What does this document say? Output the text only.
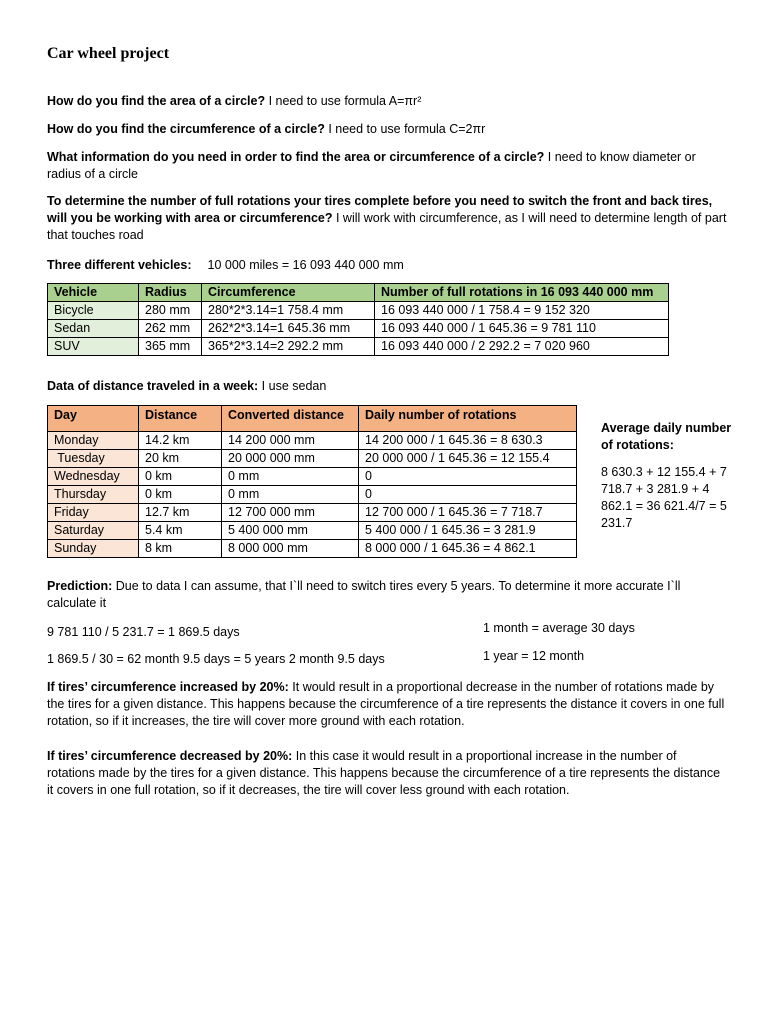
Car wheel project

How do you find the area of a circle? I need to use formula A=πr²

How do you find the circumference of a circle? I need to use formula C=2πr

What information do you need in order to find the area or circumference of a circle? I need to know diameter or radius of a circle

To determine the number of full rotations your tires complete before you need to switch the front and back tires, will you be working with area or circumference? I will work with circumference, as I will need to determine length of part that touches road

Three different vehicles: 10 000 miles = 16 093 440 000 mm

Vehicle	Radius	Circumference	Number of full rotations in 16 093 440 000 mm
Bicycle	280 mm	280*2*3.14=1 758.4 mm	16 093 440 000 / 1 758.4 = 9 152 320
Sedan	262 mm	262*2*3.14=1 645.36 mm	16 093 440 000 / 1 645.36 = 9 781 110
SUV	365 mm	365*2*3.14=2 292.2 mm	16 093 440 000 / 2 292.2 = 7 020 960

Data of distance traveled in a week: I use sedan

Day	Distance	Converted distance	Daily number of rotations
Monday	14.2 km	14 200 000 mm	14 200 000 / 1 645.36 = 8 630.3
Tuesday	20 km	20 000 000 mm	20 000 000 / 1 645.36 = 12 155.4
Wednesday	0 km	0 mm	0
Thursday	0 km	0 mm	0
Friday	12.7 km	12 700 000 mm	12 700 000 / 1 645.36 = 7 718.7
Saturday	5.4 km	5 400 000 mm	5 400 000 / 1 645.36 = 3 281.9
Sunday	8 km	8 000 000 mm	8 000 000 / 1 645.36 = 4 862.1

Average daily number of rotations:

8 630.3 + 12 155.4 + 7 718.7 + 3 281.9 + 4 862.1 = 36 621.4/7 = 5 231.7

Prediction: Due to data I can assume, that I`ll need to switch tires every 5 years. To determine it more accurate I`ll calculate it

9 781 110 / 5 231.7 = 1 869.5 days

1 869.5 / 30 = 62 month 9.5 days = 5 years 2 month 9.5 days

1 month = average 30 days

1 year = 12 month

If tires’ circumference increased by 20%: It would result in a proportional decrease in the number of rotations made by the tires for a given distance. This happens because the circumference of a tire represents the distance it covers in one full rotation, so if it increases, the tire will cover more ground with each rotation.

If tires’ circumference decreased by 20%: In this case it would result in a proportional increase in the number of rotations made by the tires for a given distance. This happens because the circumference of a tire represents the distance it covers in one full rotation, so if it decreases, the tire will cover less ground with each rotation.
